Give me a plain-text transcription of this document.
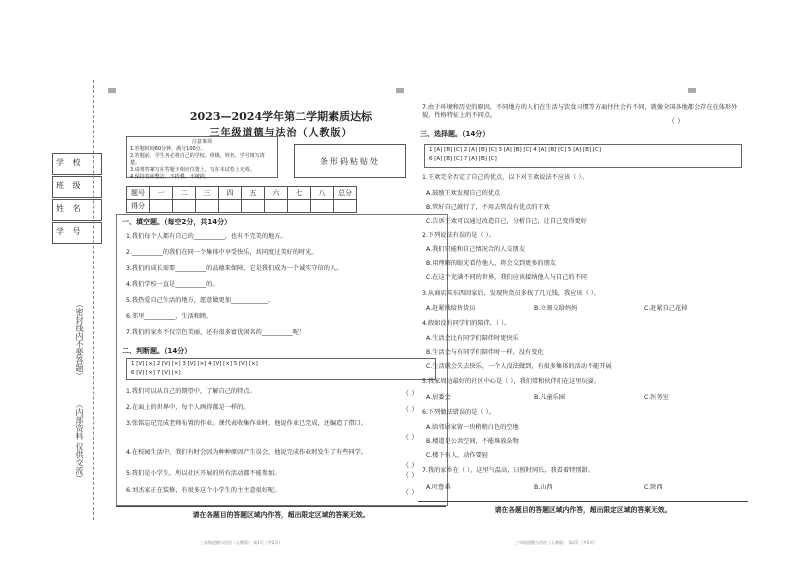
学 校
班 级
姓 名
学 号
（密封线内不要答题）
（内部资料 仅供交流）
2023—2024学年第二学期素质达标
三年级道德与法治（人教版）
注意事项
1.答题时间60分钟，满分100分。
2.答题前，学生务必将自己的学校、班级、姓名、学号填写清楚。
3.请将答案写在答题卡相应位置上，写在本试卷上无效。
4.保持卷面整洁，不折叠，不破损。
条形码粘贴处
题号	一	二	三	四	五	六	七	八	总分
得分									
一、填空题。（每空2分，共14分）
1.我们每个人都有自己的__________，也有不完美的地方。
2.__________的我们在同一个集体中享受快乐，共同度过美好的时光。
3.我们的成长需要__________的品德来保障，它是我们成为一个诚实守信的人。
4.我们学校一直是__________的。
5.我热爱自己生活的地方，愿意做更加____________。
6.邻里__________，生活和睦。
7.我们的家乡不仅宗色美丽，还有很多富优闲名的__________呢！
二、判断题。（14分）
1 [V] [×] 2 [V] [×] 3 [V] [×] 4 [V] [×] 5 [V] [×]
6 [V] [×] 7 [V] [×]
1.我们可以从自己的期望中，了解自己的特点。	（ ）
2.在面上的世界中，每个人画得都是一样的。	（ ）
3.张铭忘记完成老师布置的作业。课代表收集作业时，他说作业已完成，还编造了借口。
（ ）
4.在校园生活中，我们有时会因为种种原因产生误会，他说完成作业时发生了有些同学。
（ ）
5.我们是小学生，所以社区开展的所有活动都不能参加。	（ ）
6.刘杰家正在装修，有很多这个小学生的主主意很好呢。	（ ）
请在各题目的答题区域内作答，超出限定区域的答案无效。
三年级道德与法治（人教版） 第1页（共2页）
7.由于环境和历史的原因，不同地方的人们在生活与饮食习惯等方面往往会有不同，就像全国各地都会存在在体形外貌，性格特征上的不同点。
（ ）
三、选择题。（14分）
1 [A] [B] [C] 2 [A] [B] [C] 3 [A] [B] [C] 4 [A] [B] [C] 5 [A] [B] [C]
6 [A] [B] [C] 7 [A] [B] [C]
1.王欢完全否定了自己的优点，以下对王欢说法不应该（ ）。
A.鼓励王欢发现自己的优点
B.管好自己就行了，不用去管没有优点的王欢
C.告诉王欢可以通过改造自己，分析自己，让自己变得更好
2.下列说法有误的是（ ）。
A.我们只能和自己情况合的人交朋友
B.用理解的眼光看待他人，将会交到更多的朋友
C.在这个充满不同的世界，我们应该接纳他人与自己的不同
3.从商店买东西回家后，发现售货员多找了几元钱，我应该（ ）。
A.赶紧找给售货员	B.立刻交给妈妈	C.赶紧自己花掉
4.假如没有同学们的陪伴，（ ）。
A.生活会比有同学们陪伴时更快乐
B.生活会与有同学们陪伴时一样，没有变化
C.生活就会失去快乐，一个人没法做到，有很多集体的活动不能开展
5.我家周边最好的社区中心是（ ），我们常和伙伴们在这里玩耍。
A.居委会	B.儿童乐园	C.医务室
6.下列做法错误的是（ ）。
A.给邻居家留一块稍稍白色的空地
B.楼道是公共空间，不能堆放杂物
C.楼下有人，动作要轻
7.我的家乡在（ ），这里气温高，日照时间长，我看着特别甜。
A.吐鲁番	B.山西	C.陕西
请在各题目的答题区域内作答，超出限定区域的答案无效。
三年级道德与法治（人教版） 第2页（共2页）
